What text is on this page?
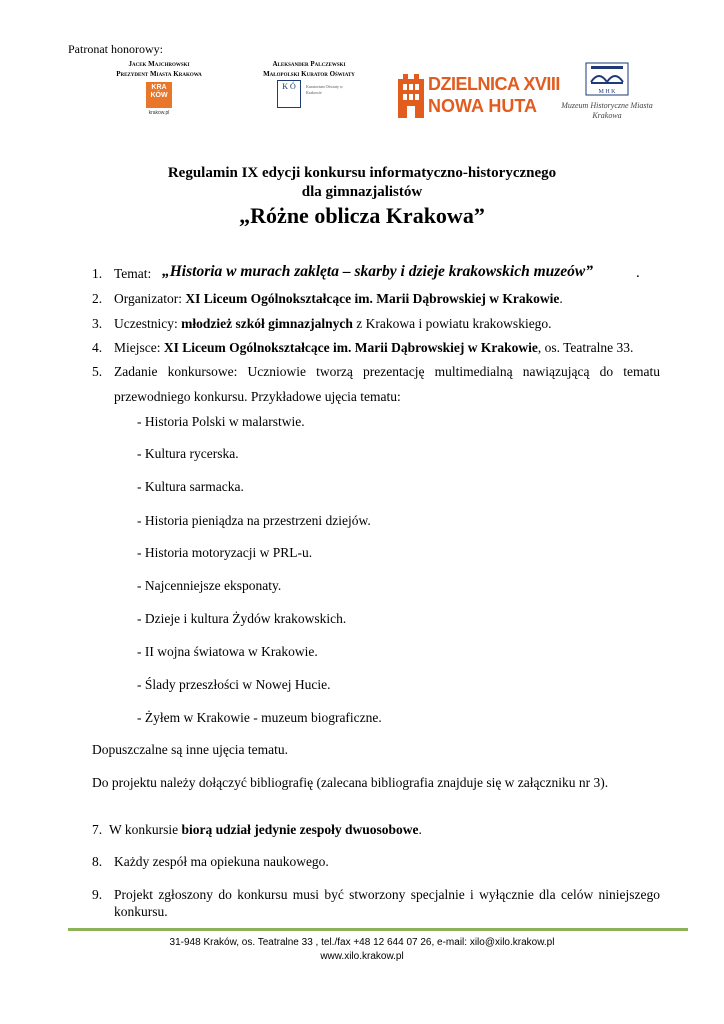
Patronat honorowy:
Jacek Majchrowski
Prezydent Miasta Krakowa
KRA KÓW
krakow.pl
Aleksander Palczewski
Małopolski Kurator Oświaty
K Ó	Kuratorium Oświaty w Krakowie	DZIELNICA XVIII
NOWA HUTA
M H K
Muzeum Historyczne Miasta
Krakowa
Regulamin IX edycji konkursu informatyczno-historycznego
dla gimnazjalistów
„Różne oblicza Krakowa”
1. Temat: „Historia w murach zaklęta – skarby i dzieje krakowskich muzeów”	.
2. Organizator: XI Liceum Ogólnokształcące im. Marii Dąbrowskiej w Krakowie.
3. Uczestnicy: młodzież szkół gimnazjalnych z Krakowa i powiatu krakowskiego.
4. Miejsce: XI Liceum Ogólnokształcące im. Marii Dąbrowskiej w Krakowie, os. Teatralne 33.
5. Zadanie konkursowe: Uczniowie tworzą prezentację multimedialną nawiązującą do tematu
przewodniego konkursu. Przykładowe ujęcia tematu:
- Historia Polski w malarstwie.
- Kultura rycerska.
- Kultura sarmacka.
- Historia pieniądza na przestrzeni dziejów.
- Historia motoryzacji w PRL-u.
- Najcenniejsze eksponaty.
- Dzieje i kultura Żydów krakowskich.
- II wojna światowa w Krakowie.
- Ślady przeszłości w Nowej Hucie.
- Żyłem w Krakowie - muzeum biograficzne.
Dopuszczalne są inne ujęcia tematu.
Do projektu należy dołączyć bibliografię (zalecana bibliografia znajduje się w załączniku nr 3).
7. W konkursie biorą udział jedynie zespoły dwuosobowe.
8. Każdy zespół ma opiekuna naukowego.
9. Projekt zgłoszony do konkursu musi być stworzony specjalnie i wyłącznie dla celów niniejszego
konkursu.
31-948 Kraków, os. Teatralne 33 , tel./fax +48 12 644 07 26, e-mail: xilo@xilo.krakow.pl
www.xilo.krakow.pl
